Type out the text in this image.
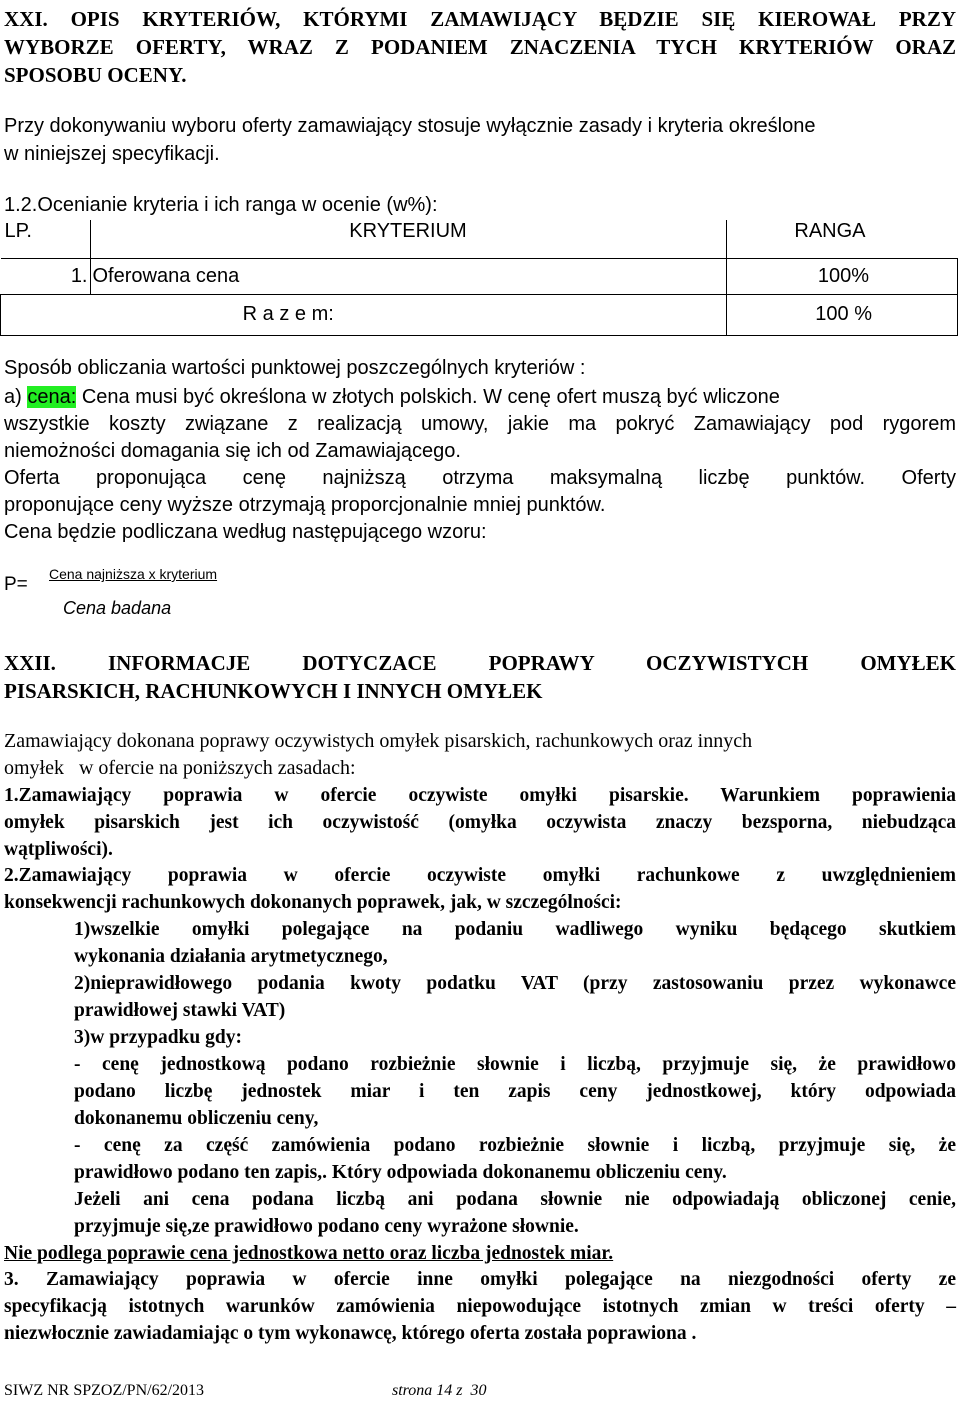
XXI. OPIS KRYTERIÓW, KTÓRYMI ZAMAWIJĄCY BĘDZIE SIĘ KIEROWAŁ PRZY
WYBORZE OFERTY, WRAZ Z PODANIEM ZNACZENIA TYCH KRYTERIÓW ORAZ
SPOSOBU OCENY.
Przy dokonywaniu wyboru oferty zamawiający stosuje wyłącznie zasady i kryteria określone
w niniejszej specyfikacji.
1.2.Ocenianie kryteria i ich ranga w ocenie (w%):
LP.	KRYTERIUM	RANGA
1.	Oferowana cena	100%
R a z e m:		100 %
Sposób obliczania wartości punktowej poszczególnych kryteriów :
a) cena: Cena musi być określona w złotych polskich. W cenę ofert muszą być wliczone
wszystkie koszty związane z realizacją umowy, jakie ma pokryć Zamawiający pod rygorem
niemożności domagania się ich od Zamawiającego.
Oferta proponująca cenę najniższą otrzyma maksymalną liczbę punktów. Oferty
proponujące ceny wyższe otrzymają proporcjonalnie mniej punktów.
Cena będzie podliczana według następującego wzoru:
P= Cena najniższa x kryterium
Cena badana
XXII. INFORMACJE DOTYCZACE POPRAWY OCZYWISTYCH OMYŁEK
PISARSKICH, RACHUNKOWYCH I INNYCH OMYŁEK
Zamawiający dokonana poprawy oczywistych omyłek pisarskich, rachunkowych oraz innych
omyłek   w ofercie na poniższych zasadach:
1.Zamawiający poprawia w ofercie oczywiste omyłki pisarskie. Warunkiem poprawienia
omyłek pisarskich jest ich oczywistość (omyłka oczywista znaczy bezsporna, niebudząca
wątpliwości).
2.Zamawiający poprawia w ofercie oczywiste omyłki rachunkowe z uwzględnieniem
konsekwencji rachunkowych dokonanych poprawek, jak, w szczególności:
1)wszelkie omyłki polegające na podaniu wadliwego wyniku będącego skutkiem
wykonania działania arytmetycznego,
2)nieprawidłowego podania kwoty podatku VAT (przy zastosowaniu przez wykonawce
prawidłowej stawki VAT)
3)w przypadku gdy:
- cenę jednostkową podano rozbieżnie słownie i liczbą, przyjmuje się, że prawidłowo
podano liczbę jednostek miar i ten zapis ceny jednostkowej, który odpowiada
dokonanemu obliczeniu ceny,
- cenę za część zamówienia podano rozbieżnie słownie i liczbą, przyjmuje się, że
prawidłowo podano ten zapis,. Który odpowiada dokonanemu obliczeniu ceny.
Jeżeli ani cena podana liczbą ani podana słownie nie odpowiadają obliczonej cenie,
przyjmuje się,ze prawidłowo podano ceny wyrażone słownie.
Nie podlega poprawie cena jednostkowa netto oraz liczba jednostek miar.
3. Zamawiający poprawia w ofercie inne omyłki polegające na niezgodności oferty ze
specyfikacją istotnych warunków zamówienia niepowodujące istotnych zmian w treści oferty –
niezwłocznie zawiadamiając o tym wykonawcę, którego oferta została poprawiona .
SIWZ NR SPZOZ/PN/62/2013	strona 14 z  30
